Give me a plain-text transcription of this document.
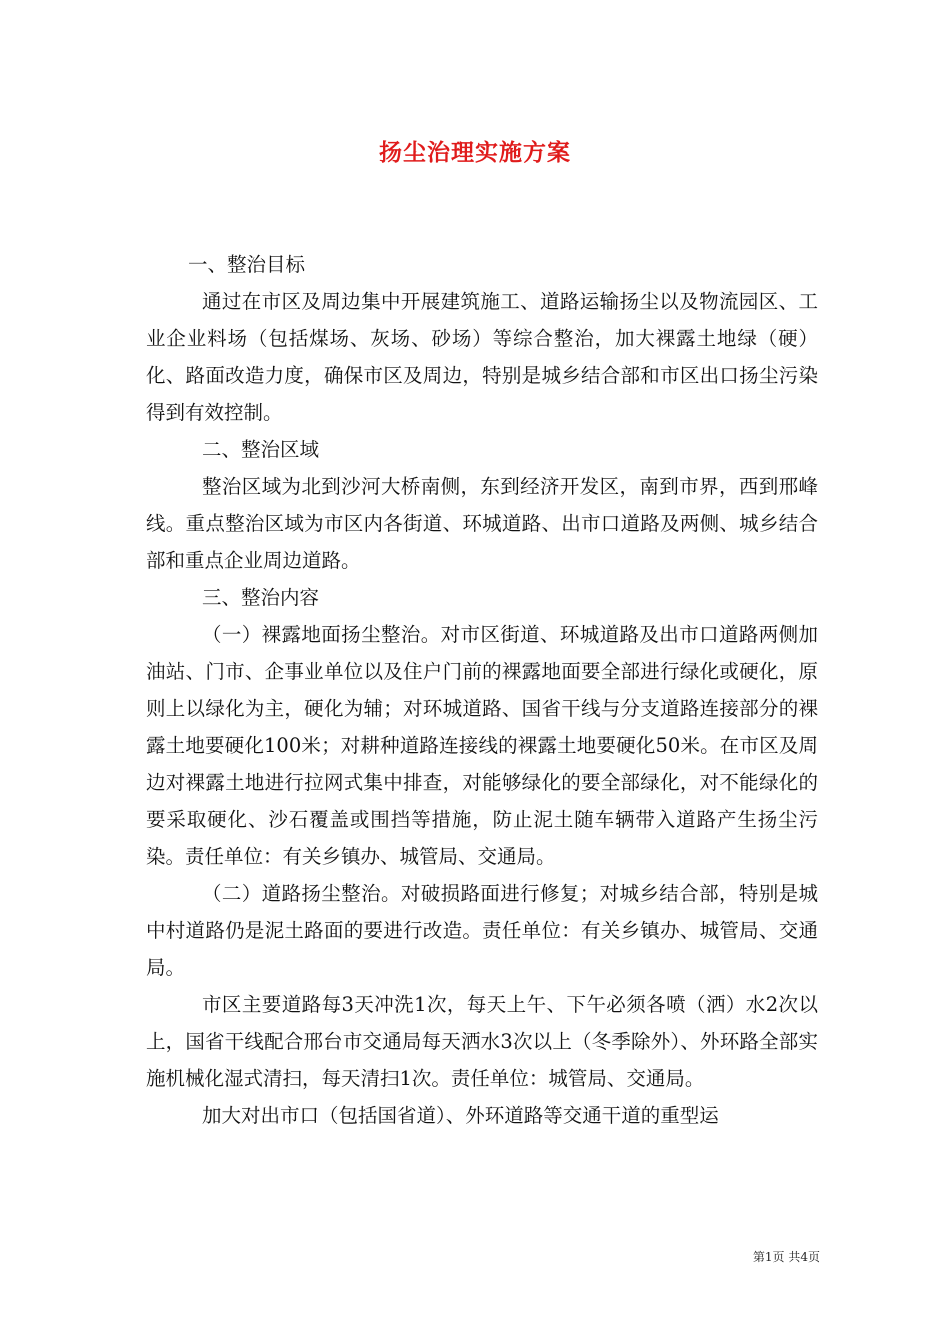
扬尘治理实施方案

一、整治目标

通过在市区及周边集中开展建筑施工、道路运输扬尘以及物流园区、工业企业料场（包括煤场、灰场、砂场）等综合整治，加大裸露土地绿（硬）化、路面改造力度，确保市区及周边，特别是城乡结合部和市区出口扬尘污染得到有效控制。

二、整治区域

整治区域为北到沙河大桥南侧，东到经济开发区，南到市界，西到邢峰线。重点整治区域为市区内各街道、环城道路、出市口道路及两侧、城乡结合部和重点企业周边道路。

三、整治内容

（一）裸露地面扬尘整治。对市区街道、环城道路及出市口道路两侧加油站、门市、企事业单位以及住户门前的裸露地面要全部进行绿化或硬化，原则上以绿化为主，硬化为辅；对环城道路、国省干线与分支道路连接部分的裸露土地要硬化100米；对耕种道路连接线的裸露土地要硬化50米。在市区及周边对裸露土地进行拉网式集中排查，对能够绿化的要全部绿化，对不能绿化的要采取硬化、沙石覆盖或围挡等措施，防止泥土随车辆带入道路产生扬尘污染。责任单位：有关乡镇办、城管局、交通局。

（二）道路扬尘整治。对破损路面进行修复；对城乡结合部，特别是城中村道路仍是泥土路面的要进行改造。责任单位：有关乡镇办、城管局、交通局。

市区主要道路每3天冲洗1次，每天上午、下午必须各喷（洒）水2次以上，国省干线配合邢台市交通局每天洒水3次以上（冬季除外）、外环路全部实施机械化湿式清扫，每天清扫1次。责任单位：城管局、交通局。

加大对出市口（包括国省道）、外环道路等交通干道的重型运

第1页 共4页
